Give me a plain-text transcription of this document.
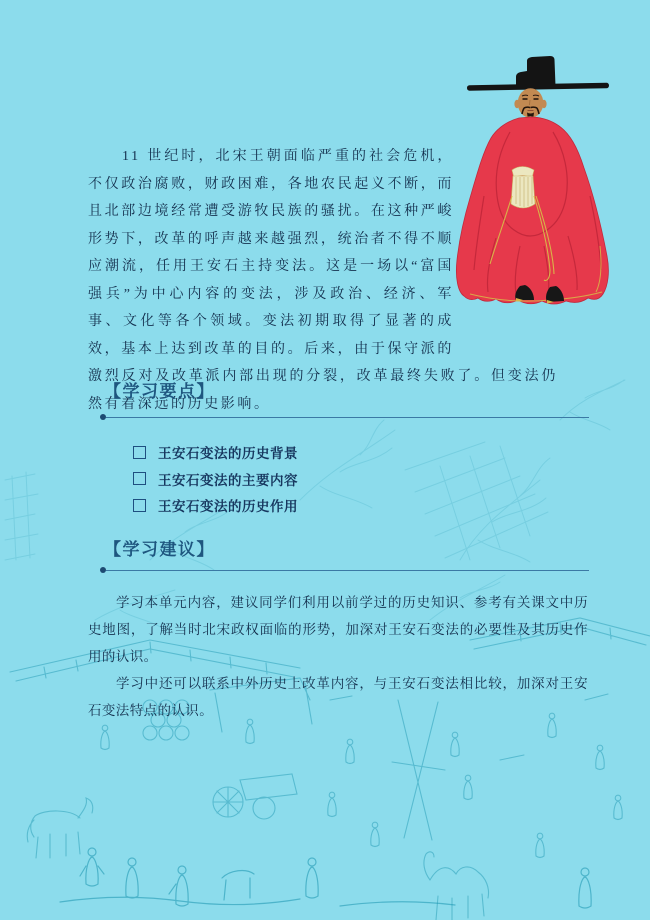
11 世纪时，北宋王朝面临严重的社会危机，不仅政治腐败，财政困难，各地农民起义不断，而且北部边境经常遭受游牧民族的骚扰。在这种严峻形势下，改革的呼声越来越强烈，统治者不得不顺应潮流，任用王安石主持变法。这是一场以“富国强兵”为中心内容的变法，涉及政治、经济、军事、文化等各个领域。变法初期取得了显著的成效，基本上达到改革的目的。后来，由于保守派的激烈反对及改革派内部出现的分裂，改革最终失败了。但变法仍然有着深远的历史影响。
【学习要点】
王安石变法的历史背景
王安石变法的主要内容
王安石变法的历史作用
【学习建议】

学习本单元内容，建议同学们利用以前学过的历史知识、参考有关课文中历史地图，了解当时北宋政权面临的形势，加深对王安石变法的必要性及其历史作用的认识。

学习中还可以联系中外历史上改革内容，与王安石变法相比较，加深对王安石变法特点的认识。
